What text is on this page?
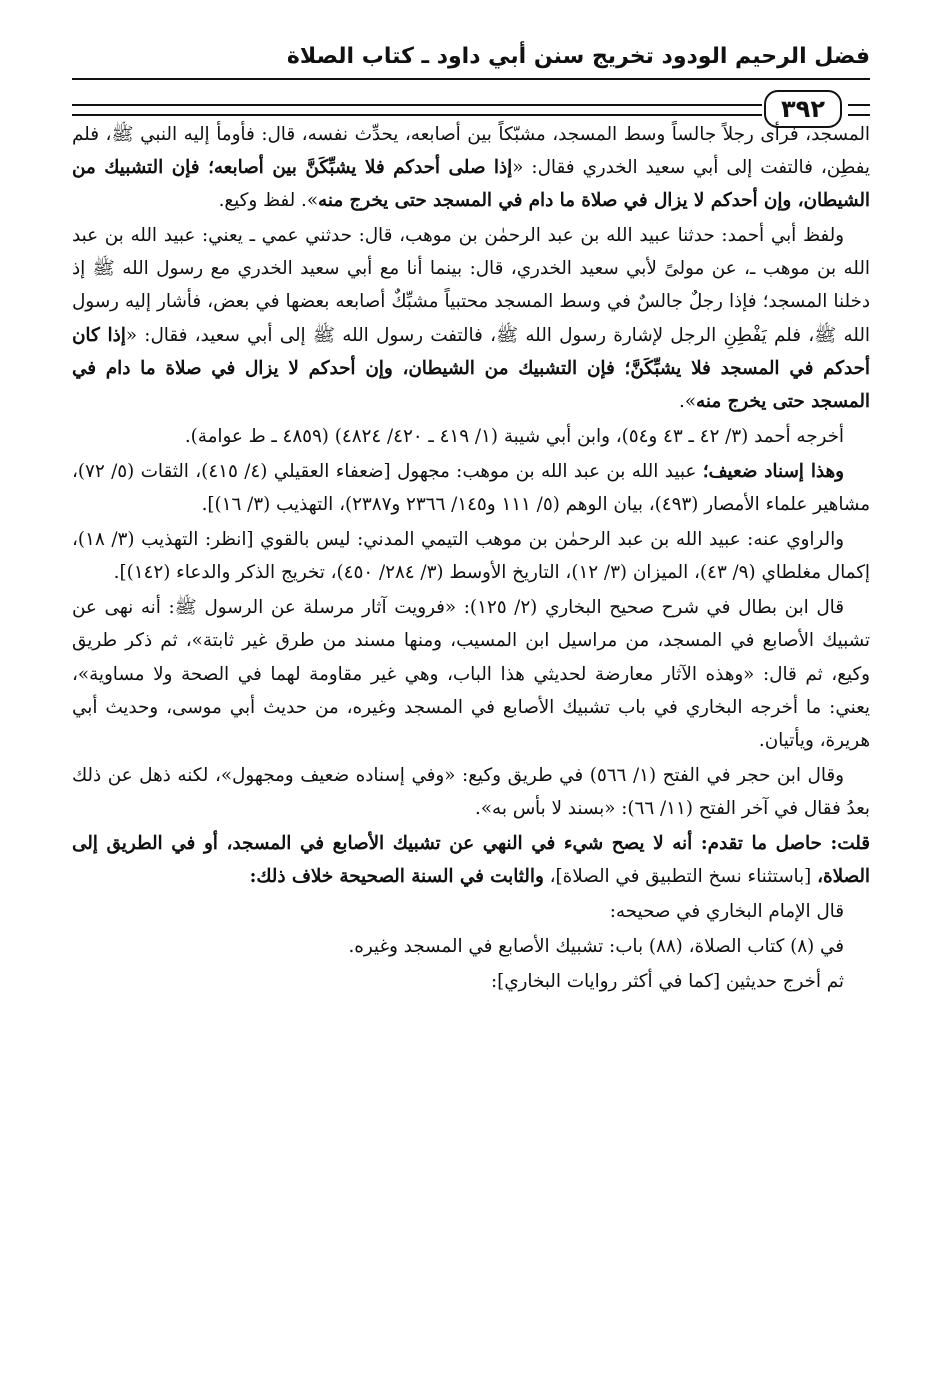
فضل الرحيم الودود تخريج سنن أبي داود ـ كتاب الصلاة
٣٩٢

المسجد، فرأى رجلاً جالساً وسط المسجد، مشبّكاً بين أصابعه، يحدِّث نفسه، قال: فأومأ إليه النبي ﷺ، فلم يفطِن، فالتفت إلى أبي سعيد الخدري فقال: «إذا صلى أحدكم فلا يشبِّكَنَّ بين أصابعه؛ فإن التشبيك من الشيطان، وإن أحدكم لا يزال في صلاة ما دام في المسجد حتى يخرج منه». لفظ وكيع.

ولفظ أبي أحمد: حدثنا عبيد الله بن عبد الرحمٰن بن موهب، قال: حدثني عمي ـ يعني: عبيد الله بن عبد الله بن موهب ـ، عن مولىً لأبي سعيد الخدري، قال: بينما أنا مع أبي سعيد الخدري مع رسول الله ﷺ إذ دخلنا المسجد؛ فإذا رجلٌ جالسٌ في وسط المسجد محتبياً مشبِّكٌ أصابعه بعضها في بعض، فأشار إليه رسول الله ﷺ، فلم يَفْطِنِ الرجل لإشارة رسول الله ﷺ، فالتفت رسول الله ﷺ إلى أبي سعيد، فقال: «إذا كان أحدكم في المسجد فلا يشبِّكَنَّ؛ فإن التشبيك من الشيطان، وإن أحدكم لا يزال في صلاة ما دام في المسجد حتى يخرج منه».

أخرجه أحمد (٣/ ٤٢ ـ ٤٣ و٥٤)، وابن أبي شيبة (١/ ٤١٩ ـ ٤٢٠/ ٤٨٢٤) (٤٨٥٩ ـ ط عوامة).

وهذا إسناد ضعيف؛ عبيد الله بن عبد الله بن موهب: مجهول [ضعفاء العقيلي (٤/ ٤١٥)، الثقات (٥/ ٧٢)، مشاهير علماء الأمصار (٤٩٣)، بيان الوهم (٥/ ١١١ و١٤٥/ ٢٣٦٦ و٢٣٨٧)، التهذيب (٣/ ١٦)].

والراوي عنه: عبيد الله بن عبد الرحمٰن بن موهب التيمي المدني: ليس بالقوي [انظر: التهذيب (٣/ ١٨)، إكمال مغلطاي (٩/ ٤٣)، الميزان (٣/ ١٢)، التاريخ الأوسط (٣/ ٢٨٤/ ٤٥٠)، تخريج الذكر والدعاء (١٤٢)].

قال ابن بطال في شرح صحيح البخاري (٢/ ١٢٥): «فرويت آثار مرسلة عن الرسول ﷺ: أنه نهى عن تشبيك الأصابع في المسجد، من مراسيل ابن المسيب، ومنها مسند من طرق غير ثابتة»، ثم ذكر طريق وكيع، ثم قال: «وهذه الآثار معارضة لحديثي هذا الباب، وهي غير مقاومة لهما في الصحة ولا مساوية»، يعني: ما أخرجه البخاري في باب تشبيك الأصابع في المسجد وغيره، من حديث أبي موسى، وحديث أبي هريرة، ويأتيان.

وقال ابن حجر في الفتح (١/ ٥٦٦) في طريق وكيع: «وفي إسناده ضعيف ومجهول»، لكنه ذهل عن ذلك بعدُ فقال في آخر الفتح (١١/ ٦٦): «بسند لا بأس به».

قلت: حاصل ما تقدم: أنه لا يصح شيء في النهي عن تشبيك الأصابع في المسجد، أو في الطريق إلى الصلاة، [باستثناء نسخ التطبيق في الصلاة]، والثابت في السنة الصحيحة خلاف ذلك:

قال الإمام البخاري في صحيحه:

في (٨) كتاب الصلاة، (٨٨) باب: تشبيك الأصابع في المسجد وغيره.

ثم أخرج حديثين [كما في أكثر روايات البخاري]:
